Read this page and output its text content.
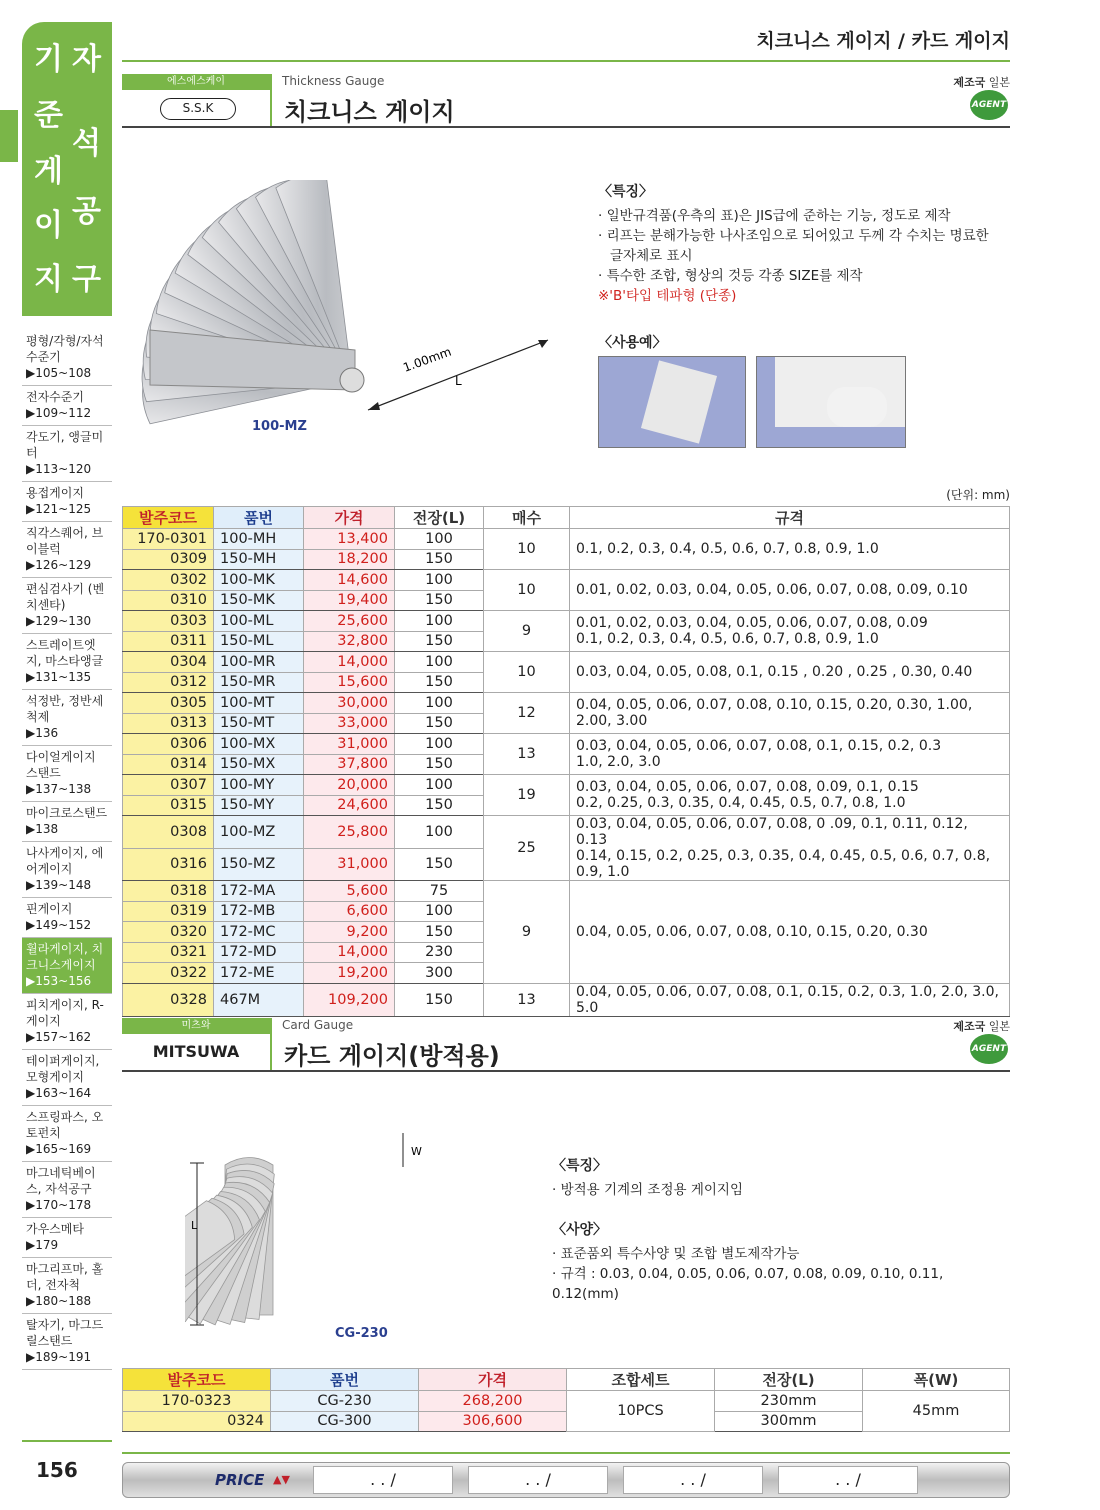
기
준
게
이
지
자
석
공
구
평형/각형/자석수준기
▶105~108
전자수준기
▶109~112
각도기, 앵글미터
▶113~120
용접게이지
▶121~125
직각스퀘어, 브이블럭
▶126~129
편심검사기 (벤치센타)
▶129~130
스트레이트엣지, 마스타앵글
▶131~135
석정반, 정반세척제
▶136
다이얼게이지 스탠드
▶137~138
마이크로스탠드
▶138
나사게이지, 에어게이지
▶139~148
핀게이지
▶149~152
휠라게이지, 치크니스게이지
▶153~156
피치게이지, R-게이지
▶157~162
테이퍼게이지, 모형게이지
▶163~164
스프링파스, 오토펀치
▶165~169
마그네틱베이스, 자석공구
▶170~178
가우스메타
▶179
마그리프마, 홀더, 전자척
▶180~188
탈자기, 마그드릴스탠드
▶189~191
156
치크니스 게이지 / 카드 게이지
에스에스케이	Thickness Gauge	제조국 일본
S.S.K	치크니스 게이지	AGENT
L
1.00mm
100-MZ
〈특징〉
· 일반규격품(우측의 표)은 JIS급에 준하는 기능, 정도로 제작
· 리프는 분해가능한 나사조임으로 되어있고 두께 각 수치는 명료한
글자체로 표시
· 특수한 조합, 형상의 것등 각종 SIZE를 제작
※'B'타입 테파형 (단종)
〈사용예〉
(단위: mm)
발주코드	품번	가격	전장(L)	매수	규격
170-0301	100-MH	13,400	100	10	0.1, 0.2, 0.3, 0.4, 0.5, 0.6, 0.7, 0.8, 0.9, 1.0

0309	150-MH	18,200	150		
0302	100-MK	14,600	100	10	0.01, 0.02, 0.03, 0.04, 0.05, 0.06, 0.07, 0.08, 0.09, 0.10

0310	150-MK	19,400	150		
0303	100-ML	25,600	100	9	0.01, 0.02, 0.03, 0.04, 0.05, 0.06, 0.07, 0.08, 0.09
0.1, 0.2, 0.3, 0.4, 0.5, 0.6, 0.7, 0.8, 0.9, 1.0

0311	150-ML	32,800	150		
0304	100-MR	14,000	100	10	0.03, 0.04, 0.05, 0.08, 0.1, 0.15 , 0.20 , 0.25 , 0.30, 0.40

0312	150-MR	15,600	150		
0305	100-MT	30,000	100	12	0.04, 0.05, 0.06, 0.07, 0.08, 0.10, 0.15, 0.20, 0.30, 1.00, 2.00, 3.00

0313	150-MT	33,000	150		
0306	100-MX	31,000	100	13	0.03, 0.04, 0.05, 0.06, 0.07, 0.08, 0.1, 0.15, 0.2, 0.3
1.0, 2.0, 3.0

0314	150-MX	37,800	150		
0307	100-MY	20,000	100	19	0.03, 0.04, 0.05, 0.06, 0.07, 0.08, 0.09, 0.1, 0.15
0.2, 0.25, 0.3, 0.35, 0.4, 0.45, 0.5, 0.7, 0.8, 1.0

0315	150-MY	24,600	150		
0308	100-MZ	25,800	100	25	0.03, 0.04, 0.05, 0.06, 0.07, 0.08, 0 .09, 0.1, 0.11, 0.12, 0.13
0.14, 0.15, 0.2, 0.25, 0.3, 0.35, 0.4, 0.45, 0.5, 0.6, 0.7, 0.8, 0.9, 1.0

0316	150-MZ	31,000	150		
0318	172-MA	5,600	75	9	0.04, 0.05, 0.06, 0.07, 0.08, 0.10, 0.15, 0.20, 0.30

0319	172-MB	6,600	100		
0320	172-MC	9,200	150		
0321	172-MD	14,000	230		
0322	172-ME	19,200	300		
0328	467M	109,200	150	13	0.04, 0.05, 0.06, 0.07, 0.08, 0.1, 0.15, 0.2, 0.3, 1.0, 2.0, 3.0, 5.0
미츠와	Card Gauge	제조국 일본
MITSUWA	카드 게이지(방적용)	AGENT
L
W
CG-230
〈특징〉
· 방적용 기계의 조정용 게이지임
〈사양〉
· 표준품외 특수사양 및 조합 별도제작가능
· 규격 : 0.03, 0.04, 0.05, 0.06, 0.07, 0.08, 0.09, 0.10, 0.11, 0.12(mm)
발주코드	품번	가격	조합세트	전장(L)	폭(W)
170-0323	CG-230	268,200	10PCS	230mm	45mm
0324	CG-300	306,600		300mm	
PRICE ▲▼	. . /	. . /	. . /	. . /
